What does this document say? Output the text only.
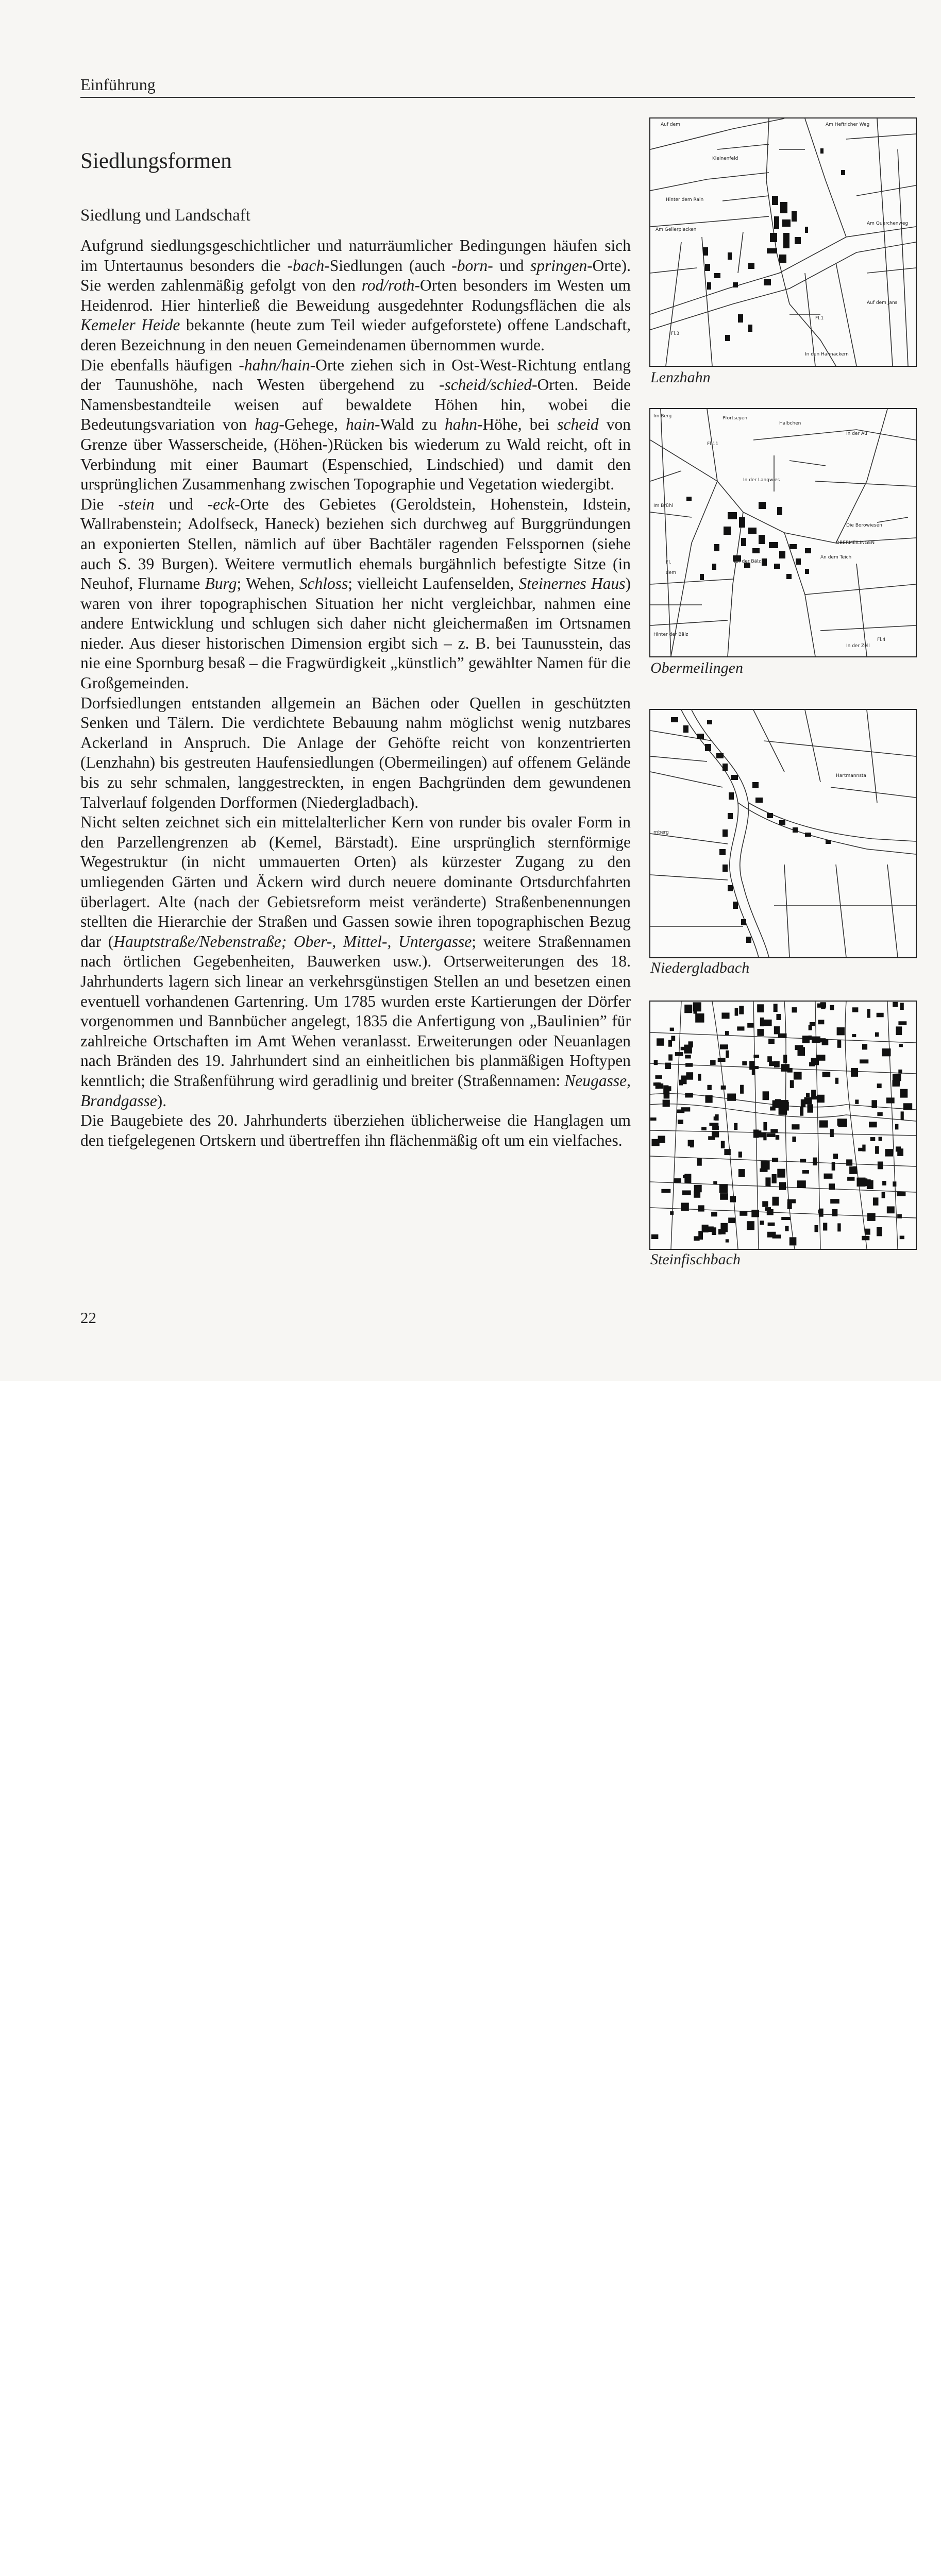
Einführung
Siedlungsformen
Siedlung und Landschaft

Aufgrund siedlungsgeschichtlicher und naturräumlicher Bedingungen häufen sich im Untertaunus besonders die -bach-Siedlungen (auch -born- und springen-Orte). Sie werden zahlenmäßig gefolgt von den rod/roth-Orten besonders im Westen um Heidenrod. Hier hinterließ die Beweidung ausgedehnter Rodungsflächen die als Kemeler Heide bekannte (heute zum Teil wieder aufgeforstete) offene Landschaft, deren Bezeichnung in den neuen Gemeindenamen übernommen wurde.

Die ebenfalls häufigen -hahn/hain-Orte ziehen sich in Ost-West-Richtung entlang der Taunushöhe, nach Westen übergehend zu -scheid/schied-Orten. Beide Namensbestandteile weisen auf bewaldete Höhen hin, wobei die Bedeutungsvariation von hag-Gehege, hain-Wald zu hahn-Höhe, bei scheid von Grenze über Wasserscheide, (Höhen-)Rücken bis wiederum zu Wald reicht, oft in Verbindung mit einer Baumart (Espenschied, Lindschied) und damit den ursprünglichen Zusammenhang zwischen Topographie und Vegetation wiedergibt.

Die -stein und -eck-Orte des Gebietes (Geroldstein, Hohenstein, Idstein, Wallrabenstein; Adolfseck, Haneck) beziehen sich durchweg auf Burggründungen an exponierten Stellen, nämlich auf über Bachtäler ragenden Felsspornen (siehe auch S. 39 Burgen). Weitere vermutlich ehemals burgähnlich befestigte Sitze (in Neuhof, Flurname Burg; Wehen, Schloss; vielleicht Laufenselden, Steinernes Haus) waren von ihrer topographischen Situation her nicht vergleichbar, nahmen eine andere Entwicklung und schlugen sich daher nicht gleichermaßen im Ortsnamen nieder. Aus dieser historischen Dimension ergibt sich – z. B. bei Taunusstein, das nie eine Spornburg besaß – die Fragwürdigkeit „künstlich” gewählter Namen für die Großgemeinden.

Dorfsiedlungen entstanden allgemein an Bächen oder Quellen in geschützten Senken und Tälern. Die verdichtete Bebauung nahm möglichst wenig nutzbares Ackerland in Anspruch. Die Anlage der Gehöfte reicht von konzentrierten (Lenzhahn) bis gestreuten Haufensiedlungen (Obermeilingen) auf offenem Gelände bis zu sehr schmalen, langgestreckten, in engen Bachgründen dem gewundenen Talverlauf folgenden Dorfformen (Niedergladbach).

Nicht selten zeichnet sich ein mittelalterlicher Kern von runder bis ovaler Form in den Parzellengrenzen ab (Kemel, Bärstadt). Eine ursprünglich sternförmige Wegestruktur (in nicht ummauerten Orten) als kürzester Zugang zu den umliegenden Gärten und Äckern wird durch neuere dominante Ortsdurchfahrten überlagert. Alte (nach der Gebietsreform meist veränderte) Straßenbenennungen stellten die Hierarchie der Straßen und Gassen sowie ihren topographischen Bezug dar (Hauptstraße/Nebenstraße; Ober-, Mittel-, Untergasse; weitere Straßennamen nach örtlichen Gegebenheiten, Bauwerken usw.). Ortserweiterungen des 18. Jahrhunderts lagern sich linear an verkehrsgünstigen Stellen an und besetzen einen eventuell vorhandenen Gartenring. Um 1785 wurden erste Kartierungen der Dörfer vorgenommen und Bannbücher angelegt, 1835 die Anfertigung von „Baulinien” für zahlreiche Ortschaften im Amt Wehen veranlasst. Erweiterungen oder Neuanlagen nach Bränden des 19. Jahrhundert sind an einheitlichen bis planmäßigen Hoftypen kenntlich; die Straßenführung wird geradlinig und breiter (Straßennamen: Neugasse, Brandgasse).

Die Baugebiete des 20. Jahrhunderts überziehen üblicherweise die Hanglagen um den tiefgelegenen Ortskern und übertreffen ihn flächenmäßig oft um ein vielfaches.

22
Auf dem
Kleinenfeld
Hinter dem Rain
Am Geilerplacken
Am Heftricher Weg
Am Querchenweg
Fl.3
Fl.1
Auf dem Jans
In den Hahnäckern
Lenzhahn
Im Berg	Pfortseyen
Halbchen
In der Au
Fl.11
In der Langwies
Im Brühl
Die Borowiesen
OBERMEILINGEN
An dem Teich
Vor der Bälz
Hinter der Bälz
Fl.4
In der Zell
Fl.
dem
Obermeilingen
Hartmannsta
rnberg
Niedergladbach
Steinfischbach
